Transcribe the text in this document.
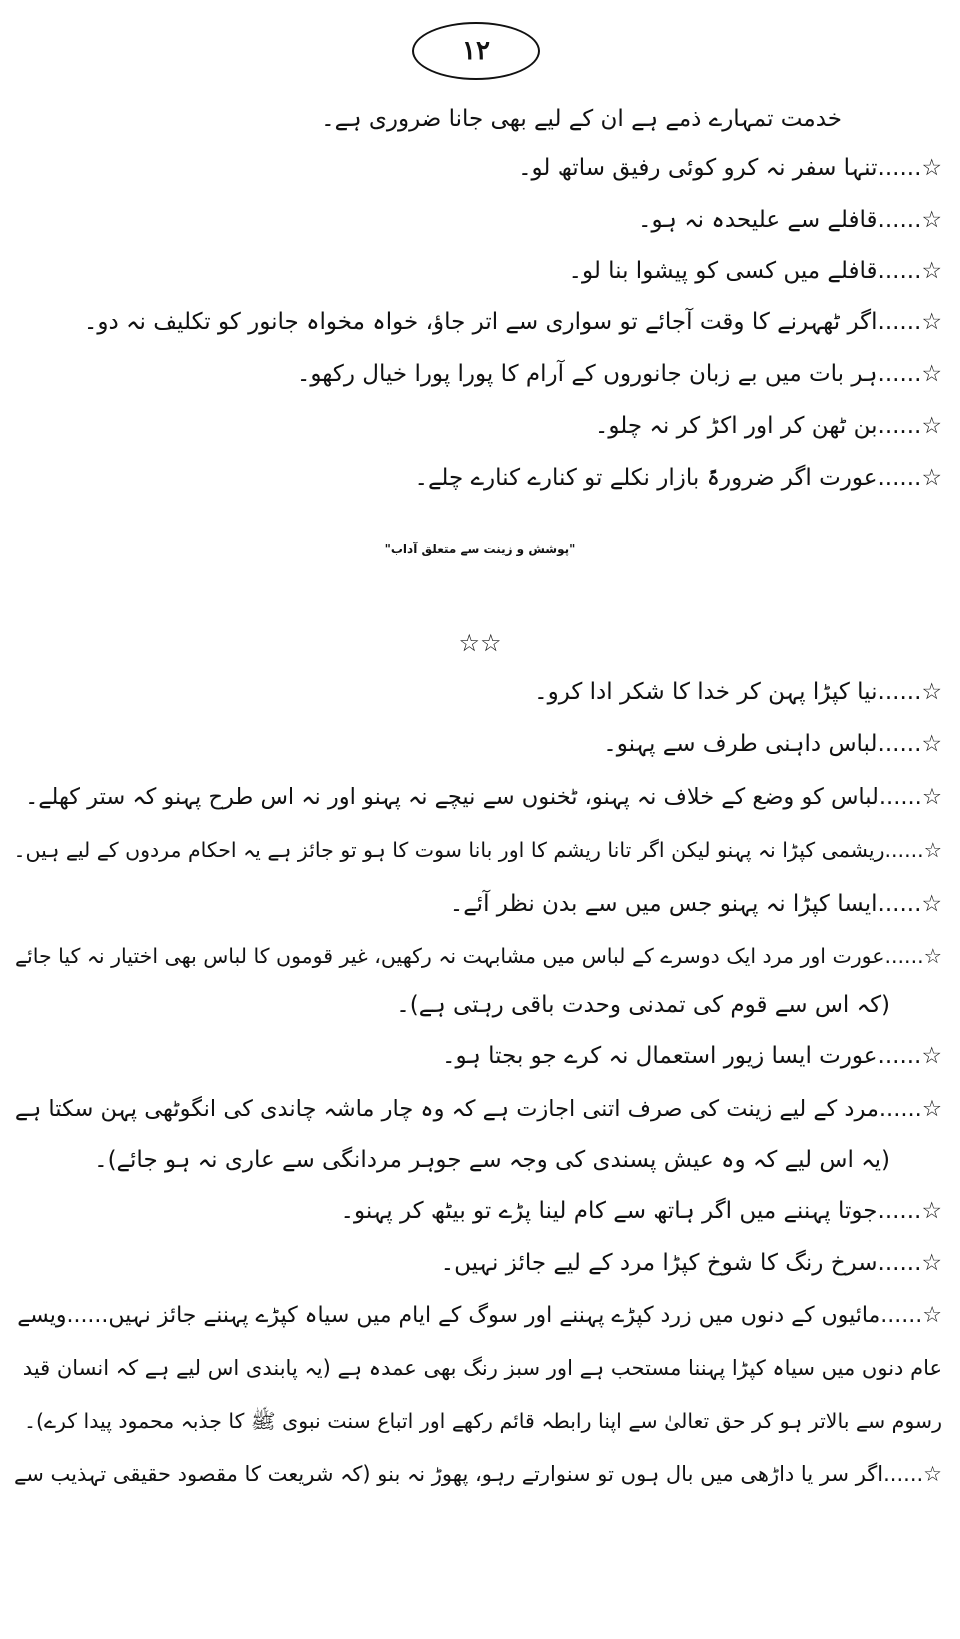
۱۲
خدمت تمہارے ذمے ہے ان کے لیے بھی جانا ضروری ہے۔
☆......تنہا سفر نہ کرو کوئی رفیق ساتھ لو۔
☆......قافلے سے علیحدہ نہ ہو۔
☆......قافلے میں کسی کو پیشوا بنا لو۔
☆......اگر ٹھہرنے کا وقت آجائے تو سواری سے اتر جاؤ، خواہ مخواہ جانور کو تکلیف نہ دو۔
☆......ہر بات میں بے زبان جانوروں کے آرام کا پورا پورا خیال رکھو۔
☆......بن ٹھن کر اور اکڑ کر نہ چلو۔
☆......عورت اگر ضرورۃً بازار نکلے تو کنارے کنارے چلے۔
"پوشش و زینت سے متعلق آداب"
☆☆
☆......نیا کپڑا پہن کر خدا کا شکر ادا کرو۔
☆......لباس داہنی طرف سے پہنو۔
☆......لباس کو وضع کے خلاف نہ پہنو، ٹخنوں سے نیچے نہ پہنو اور نہ اس طرح پہنو کہ ستر کھلے۔
☆......ریشمی کپڑا نہ پہنو لیکن اگر تانا ریشم کا اور بانا سوت کا ہو تو جائز ہے یہ احکام مردوں کے لیے ہیں۔
☆......ایسا کپڑا نہ پہنو جس میں سے بدن نظر آئے۔
☆......عورت اور مرد ایک دوسرے کے لباس میں مشابہت نہ رکھیں، غیر قوموں کا لباس بھی اختیار نہ کیا جائے
(کہ اس سے قوم کی تمدنی وحدت باقی رہتی ہے)۔
☆......عورت ایسا زیور استعمال نہ کرے جو بجتا ہو۔
☆......مرد کے لیے زینت کی صرف اتنی اجازت ہے کہ وہ چار ماشہ چاندی کی انگوٹھی پہن سکتا ہے
(یہ اس لیے کہ وہ عیش پسندی کی وجہ سے جوہر مردانگی سے عاری نہ ہو جائے)۔
☆......جوتا پہننے میں اگر ہاتھ سے کام لینا پڑے تو بیٹھ کر پہنو۔
☆......سرخ رنگ کا شوخ کپڑا مرد کے لیے جائز نہیں۔
☆......مائیوں کے دنوں میں زرد کپڑے پہننے اور سوگ کے ایام میں سیاہ کپڑے پہننے جائز نہیں......ویسے
عام دنوں میں سیاہ کپڑا پہننا مستحب ہے اور سبز رنگ بھی عمدہ ہے (یہ پابندی اس لیے ہے کہ انسان قید
رسوم سے بالاتر ہو کر حق تعالیٰ سے اپنا رابطہ قائم رکھے اور اتباع سنت نبوی ﷺ کا جذبہ محمود پیدا کرے)۔
☆......اگر سر یا داڑھی میں بال ہوں تو سنوارتے رہو، پھوڑ نہ بنو (کہ شریعت کا مقصود حقیقی تہذیب سے
